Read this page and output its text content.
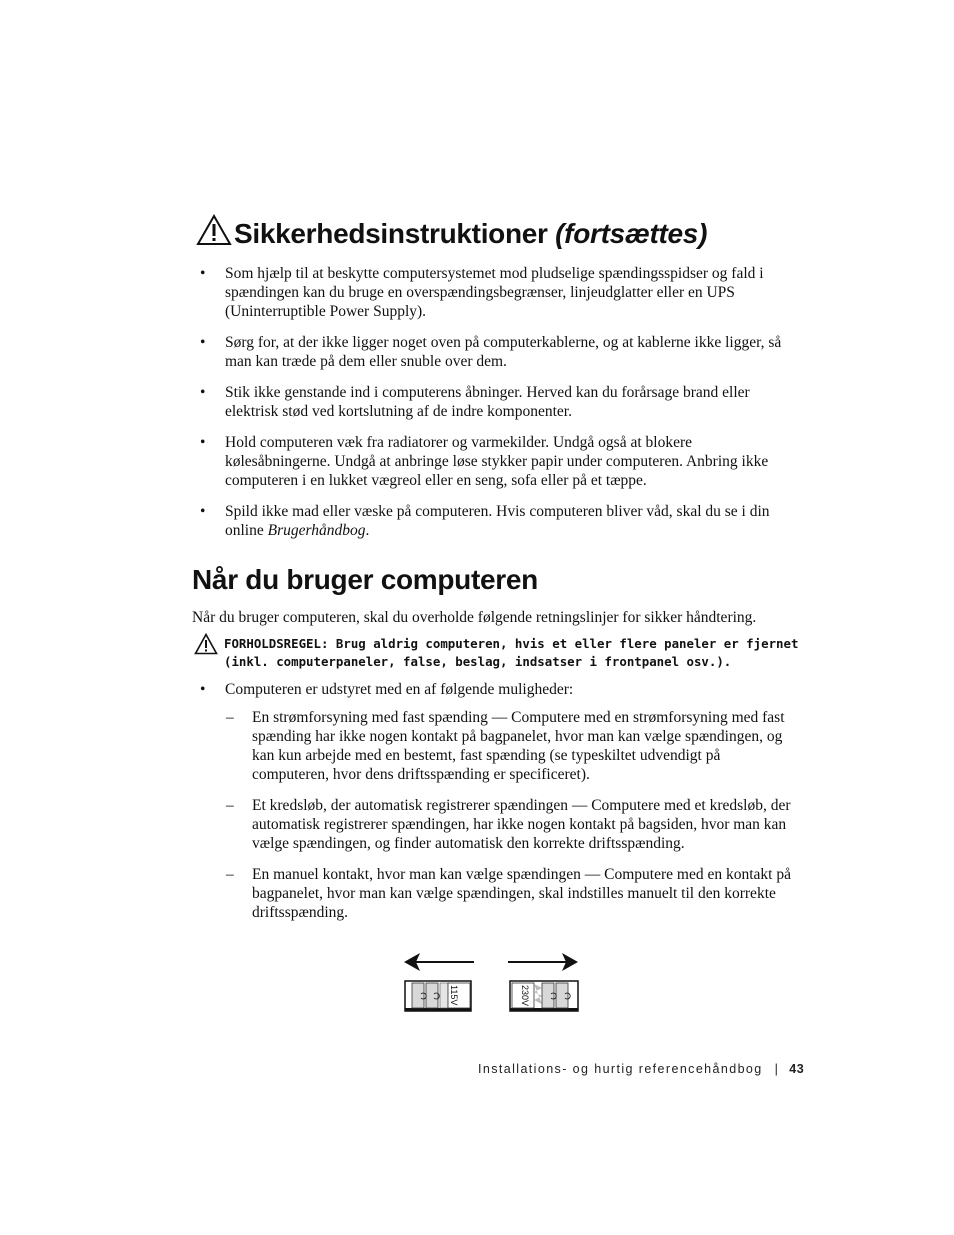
Sikkerhedsinstruktioner (fortsættes)
• Som hjælp til at beskytte computersystemet mod pludselige spændingsspidser og fald i spændingen kan du bruge en overspændingsbegrænser, linjeudglatter eller en UPS (Uninterruptible Power Supply).
• Sørg for, at der ikke ligger noget oven på computerkablerne, og at kablerne ikke ligger, så man kan træde på dem eller snuble over dem.
• Stik ikke genstande ind i computerens åbninger. Herved kan du forårsage brand eller elektrisk stød ved kortslutning af de indre komponenter.
• Hold computeren væk fra radiatorer og varmekilder. Undgå også at blokere kølesåbningerne. Undgå at anbringe løse stykker papir under computeren. Anbring ikke computeren i en lukket vægreol eller en seng, sofa eller på et tæppe.
• Spild ikke mad eller væske på computeren. Hvis computeren bliver våd, skal du se i din online Brugerhåndbog.
Når du bruger computeren
Når du bruger computeren, skal du overholde følgende retningslinjer for sikker håndtering.
FORHOLDSREGEL: Brug aldrig computeren, hvis et eller flere paneler er fjernet
(inkl. computerpaneler, false, beslag, indsatser i frontpanel osv.).
• Computeren er udstyret med en af følgende muligheder:
– En strømforsyning med fast spænding — Computere med en strømforsyning med fast spænding har ikke nogen kontakt på bagpanelet, hvor man kan vælge spændingen, og kan kun arbejde med en bestemt, fast spænding (se typeskiltet udvendigt på computeren, hvor dens driftsspænding er specificeret).
– Et kredsløb, der automatisk registrerer spændingen — Computere med et kredsløb, der automatisk registrerer spændingen, har ikke nogen kontakt på bagsiden, hvor man kan vælge spændingen, og finder automatisk den korrekte driftsspænding.
– En manuel kontakt, hvor man kan vælge spændingen — Computere med en kontakt på bagpanelet, hvor man kan vælge spændingen, skal indstilles manuelt til den korrekte driftsspænding.
115V	230V
Installations- og hurtig referencehåndbog | 43
